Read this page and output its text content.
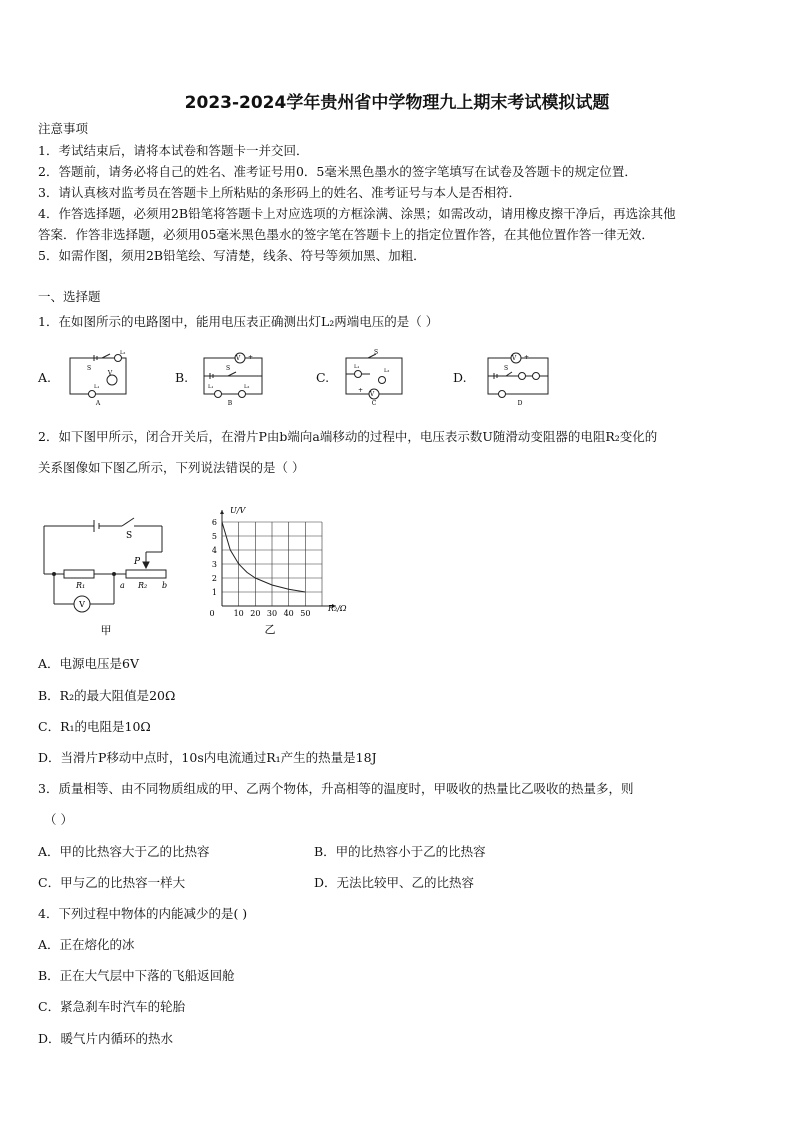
2023-2024学年贵州省中学物理九上期末考试模拟试题
注意事项
1．考试结束后，请将本试卷和答题卡一并交回．
2．答题前，请务必将自己的姓名、准考证号用0．5毫米黑色墨水的签字笔填写在试卷及答题卡的规定位置．
3．请认真核对监考员在答题卡上所粘贴的条形码上的姓名、准考证号与本人是否相符．
4．作答选择题，必须用2B铅笔将答题卡上对应选项的方框涂满、涂黑；如需改动，请用橡皮擦干净后，再选涂其他
答案．作答非选择题，必须用05毫米黑色墨水的签字笔在答题卡上的指定位置作答，在其他位置作答一律无效．
5．如需作图，须用2B铅笔绘、写清楚，线条、符号等须加黑、加粗．
一、选择题
1．在如图所示的电路图中，能用电压表正确测出灯L₂两端电压的是（ ）
A.	B.	C.	D.
V
S
L₂
L₁
A
V +
S
L₁	L₂
B
S
L₁
L₂
V
+
C
V +
S
D
2．如下图甲所示，闭合开关后，在滑片P由b端向a端移动的过程中，电压表示数U随滑动变阻器的电阻R₂变化的
关系图像如下图乙所示，下列说法错误的是（ ）
S
P
R₁	R₂
a	b
V
甲
0 10 20 30 40 50
1
2
3
4
5
6
U/V
R₂/Ω
乙
A．电源电压是6V
B．R₂的最大阻值是20Ω
C．R₁的电阻是10Ω
D．当滑片P移动中点时，10s内电流通过R₁产生的热量是18J
3．质量相等、由不同物质组成的甲、乙两个物体，升高相等的温度时，甲吸收的热量比乙吸收的热量多，则
（ ）
A．甲的比热容大于乙的比热容	B．甲的比热容小于乙的比热容
C．甲与乙的比热容一样大	D．无法比较甲、乙的比热容
4．下列过程中物体的内能减少的是( )
A．正在熔化的冰
B．正在大气层中下落的飞船返回舱
C．紧急刹车时汽车的轮胎
D．暖气片内循环的热水
